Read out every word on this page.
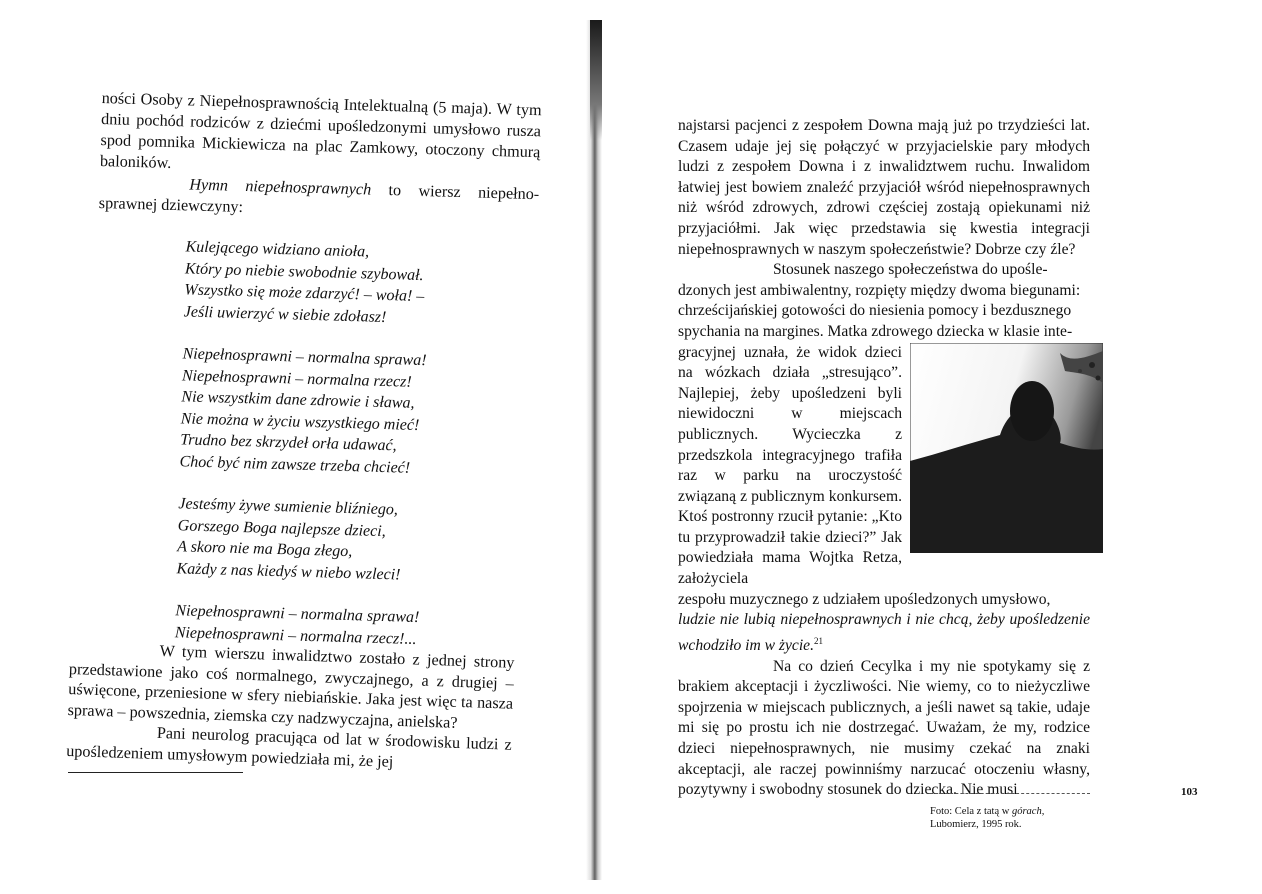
ności Osoby z Niepełnosprawnością Intelektualną (5 maja). W tym dniu pochód rodziców z dziećmi upośledzonymi umysłowo rusza spod pomnika Mickiewicza na plac Zamkowy, otoczony chmurą baloników.

Hymn niepełnosprawnych to wiersz niepełno-sprawnej dziewczyny:

Kulejącego widziano anioła,
Który po niebie swobodnie szybował.
Wszystko się może zdarzyć! – woła! –
Jeśli uwierzyć w siebie zdołasz!
Niepełnosprawni – normalna sprawa!
Niepełnosprawni – normalna rzecz!
Nie wszystkim dane zdrowie i sława,
Nie można w życiu wszystkiego mieć!
Trudno bez skrzydeł orła udawać,
Choć być nim zawsze trzeba chcieć!
Jesteśmy żywe sumienie bliźniego,
Gorszego Boga najlepsze dzieci,
A skoro nie ma Boga złego,
Każdy z nas kiedyś w niebo wzleci!
Niepełnosprawni – normalna sprawa!
Niepełnosprawni – normalna rzecz!...

W tym wierszu inwalidztwo zostało z jednej strony przedstawione jako coś normalnego, zwyczajnego, a z drugiej – uświęcone, przeniesione w sfery niebiańskie. Jaka jest więc ta nasza sprawa – powszednia, ziemska czy nadzwyczajna, anielska?

Pani neurolog pracująca od lat w środowisku ludzi z upośledzeniem umysłowym powiedziała mi, że jej

najstarsi pacjenci z zespołem Downa mają już po trzydzieści lat. Czasem udaje jej się połączyć w przyjacielskie pary młodych ludzi z zespołem Downa i z inwalidztwem ruchu. Inwalidom łatwiej jest bowiem znaleźć przyjaciół wśród niepełnosprawnych niż wśród zdrowych, zdrowi częściej zostają opiekunami niż przyjaciółmi. Jak więc przedstawia się kwestia integracji niepełnosprawnych w naszym społeczeństwie? Dobrze czy źle?

Stosunek naszego społeczeństwa do upośle-
dzonych jest ambiwalentny, rozpięty między dwoma biegunami:
chrześcijańskiej gotowości do niesienia pomocy i bezdusznego
spychania na margines. Matka zdrowego dziecka w klasie inte-

gracyjnej uznała, że widok dzieci na wózkach działa „stresująco”. Najlepiej, żeby upośledzeni byli niewidoczni w miejscach publicznych. Wycieczka z przedszkola integracyjnego trafiła raz w parku na uroczystość związaną z publicznym konkursem. Ktoś postronny rzucił pytanie: „Kto tu przyprowadził takie dzieci?” Jak powiedziała mama Wojtka Retza, założyciela
zespołu muzycznego z udziałem upośledzonych umysłowo,
ludzie nie lubią niepełnosprawnych i nie chcą, żeby upośledzenie wchodziło im w życie.$^{21}$

Na co dzień Cecylka i my nie spotykamy się z brakiem akceptacji i życzliwości. Nie wiemy, co to nieżyczliwe spojrzenia w miejscach publicznych, a jeśli nawet są takie, udaje mi się po prostu ich nie dostrzegać. Uważam, że my, rodzice dzieci niepełnosprawnych, nie musimy czekać na znaki akceptacji, ale raczej powinniśmy narzucać otoczeniu własny, pozytywny i swobodny stosunek do dziecka. Nie musi

Foto: Cela z tatą w górach,
Lubomierz, 1995 rok.
103
